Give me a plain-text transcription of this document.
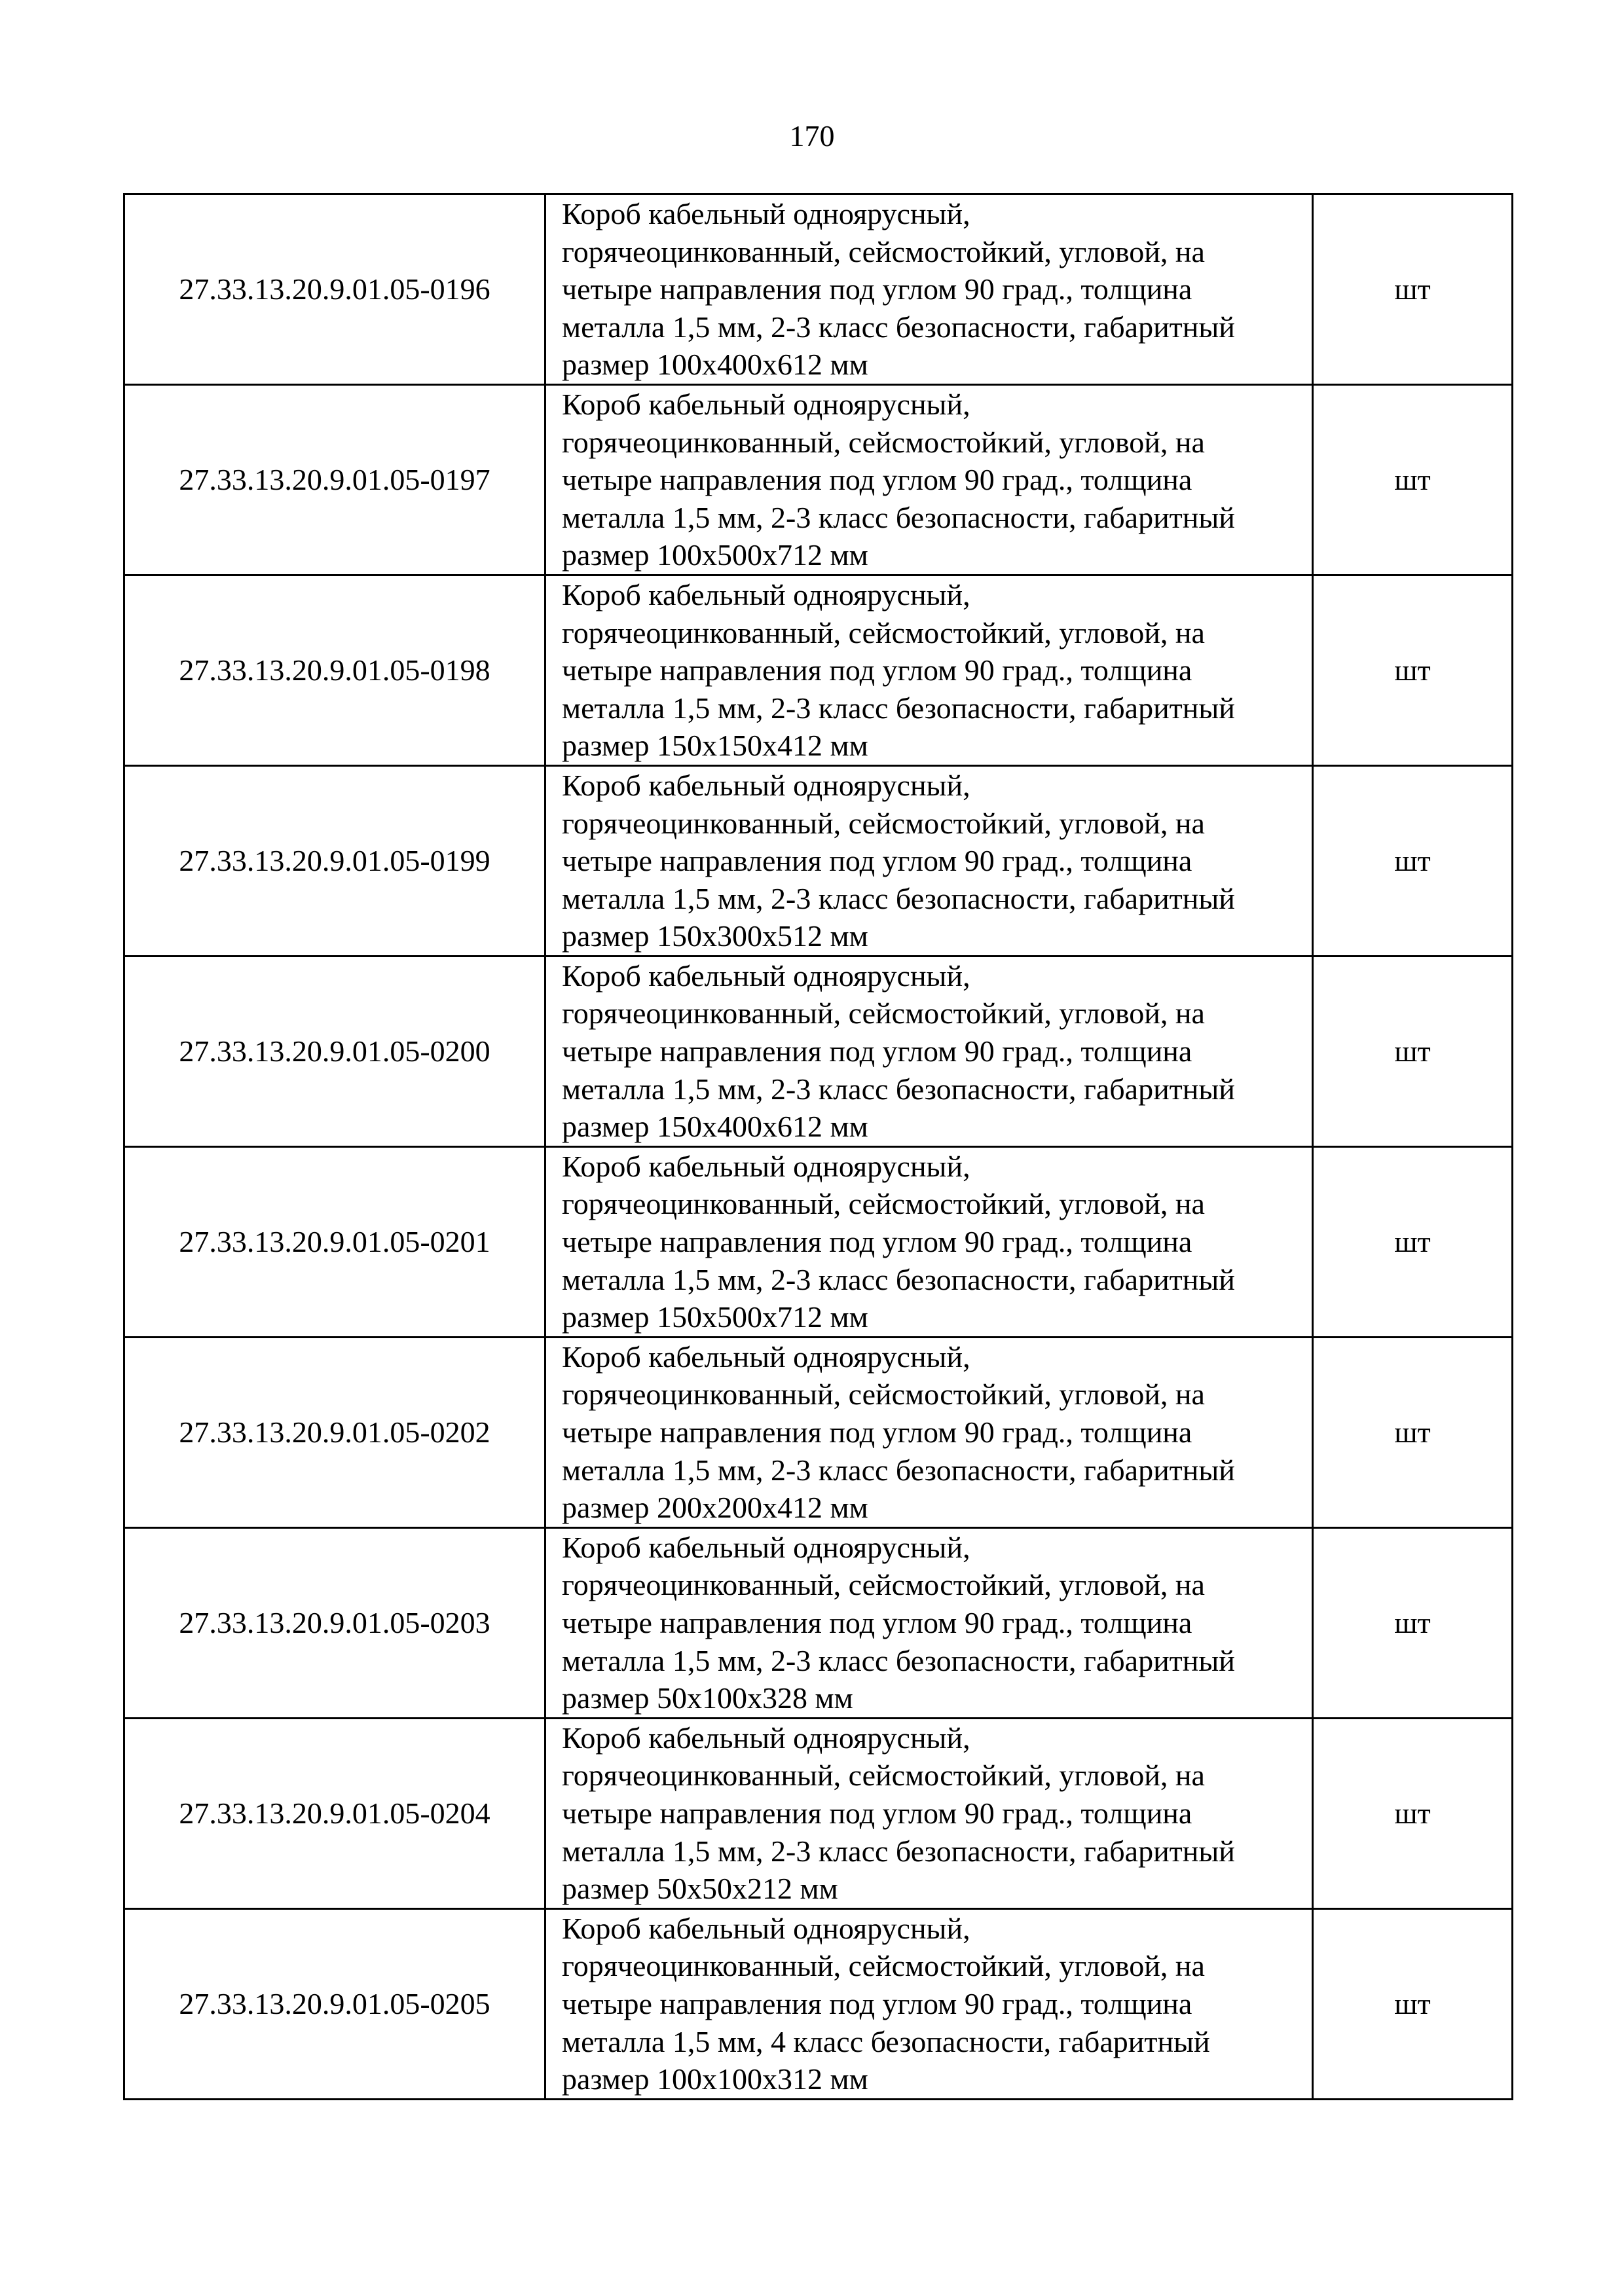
170
27.33.13.20.9.01.05-0196	Короб кабельный одноярусный,
горячеоцинкованный, сейсмостойкий, угловой, на
четыре направления под углом 90 град., толщина
металла 1,5 мм, 2-3 класс безопасности, габаритный
размер 100x400x612 мм	шт
27.33.13.20.9.01.05-0197	Короб кабельный одноярусный,
горячеоцинкованный, сейсмостойкий, угловой, на
четыре направления под углом 90 град., толщина
металла 1,5 мм, 2-3 класс безопасности, габаритный
размер 100x500x712 мм	шт
27.33.13.20.9.01.05-0198	Короб кабельный одноярусный,
горячеоцинкованный, сейсмостойкий, угловой, на
четыре направления под углом 90 град., толщина
металла 1,5 мм, 2-3 класс безопасности, габаритный
размер 150x150x412 мм	шт
27.33.13.20.9.01.05-0199	Короб кабельный одноярусный,
горячеоцинкованный, сейсмостойкий, угловой, на
четыре направления под углом 90 град., толщина
металла 1,5 мм, 2-3 класс безопасности, габаритный
размер 150x300x512 мм	шт
27.33.13.20.9.01.05-0200	Короб кабельный одноярусный,
горячеоцинкованный, сейсмостойкий, угловой, на
четыре направления под углом 90 град., толщина
металла 1,5 мм, 2-3 класс безопасности, габаритный
размер 150x400x612 мм	шт
27.33.13.20.9.01.05-0201	Короб кабельный одноярусный,
горячеоцинкованный, сейсмостойкий, угловой, на
четыре направления под углом 90 град., толщина
металла 1,5 мм, 2-3 класс безопасности, габаритный
размер 150x500x712 мм	шт
27.33.13.20.9.01.05-0202	Короб кабельный одноярусный,
горячеоцинкованный, сейсмостойкий, угловой, на
четыре направления под углом 90 град., толщина
металла 1,5 мм, 2-3 класс безопасности, габаритный
размер 200x200x412 мм	шт
27.33.13.20.9.01.05-0203	Короб кабельный одноярусный,
горячеоцинкованный, сейсмостойкий, угловой, на
четыре направления под углом 90 град., толщина
металла 1,5 мм, 2-3 класс безопасности, габаритный
размер 50x100x328 мм	шт
27.33.13.20.9.01.05-0204	Короб кабельный одноярусный,
горячеоцинкованный, сейсмостойкий, угловой, на
четыре направления под углом 90 град., толщина
металла 1,5 мм, 2-3 класс безопасности, габаритный
размер 50x50x212 мм	шт
27.33.13.20.9.01.05-0205	Короб кабельный одноярусный,
горячеоцинкованный, сейсмостойкий, угловой, на
четыре направления под углом 90 град., толщина
металла 1,5 мм, 4 класс безопасности, габаритный
размер 100x100x312 мм	шт
